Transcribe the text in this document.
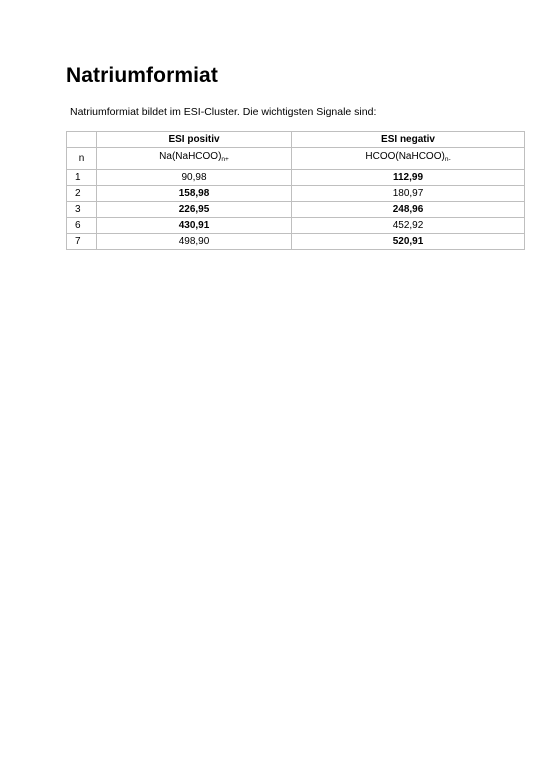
Natriumformiat

Natriumformiat bildet im ESI-Cluster. Die wichtigsten Signale sind:

	ESI positiv	ESI negativ
n	$Na(NaHCOO)_{n+}$	$HCOO(NaHCOO)_{n-}$
1	90,98	112,99
2	158,98	180,97
3	226,95	248,96
6	430,91	452,92
7	498,90	520,91
